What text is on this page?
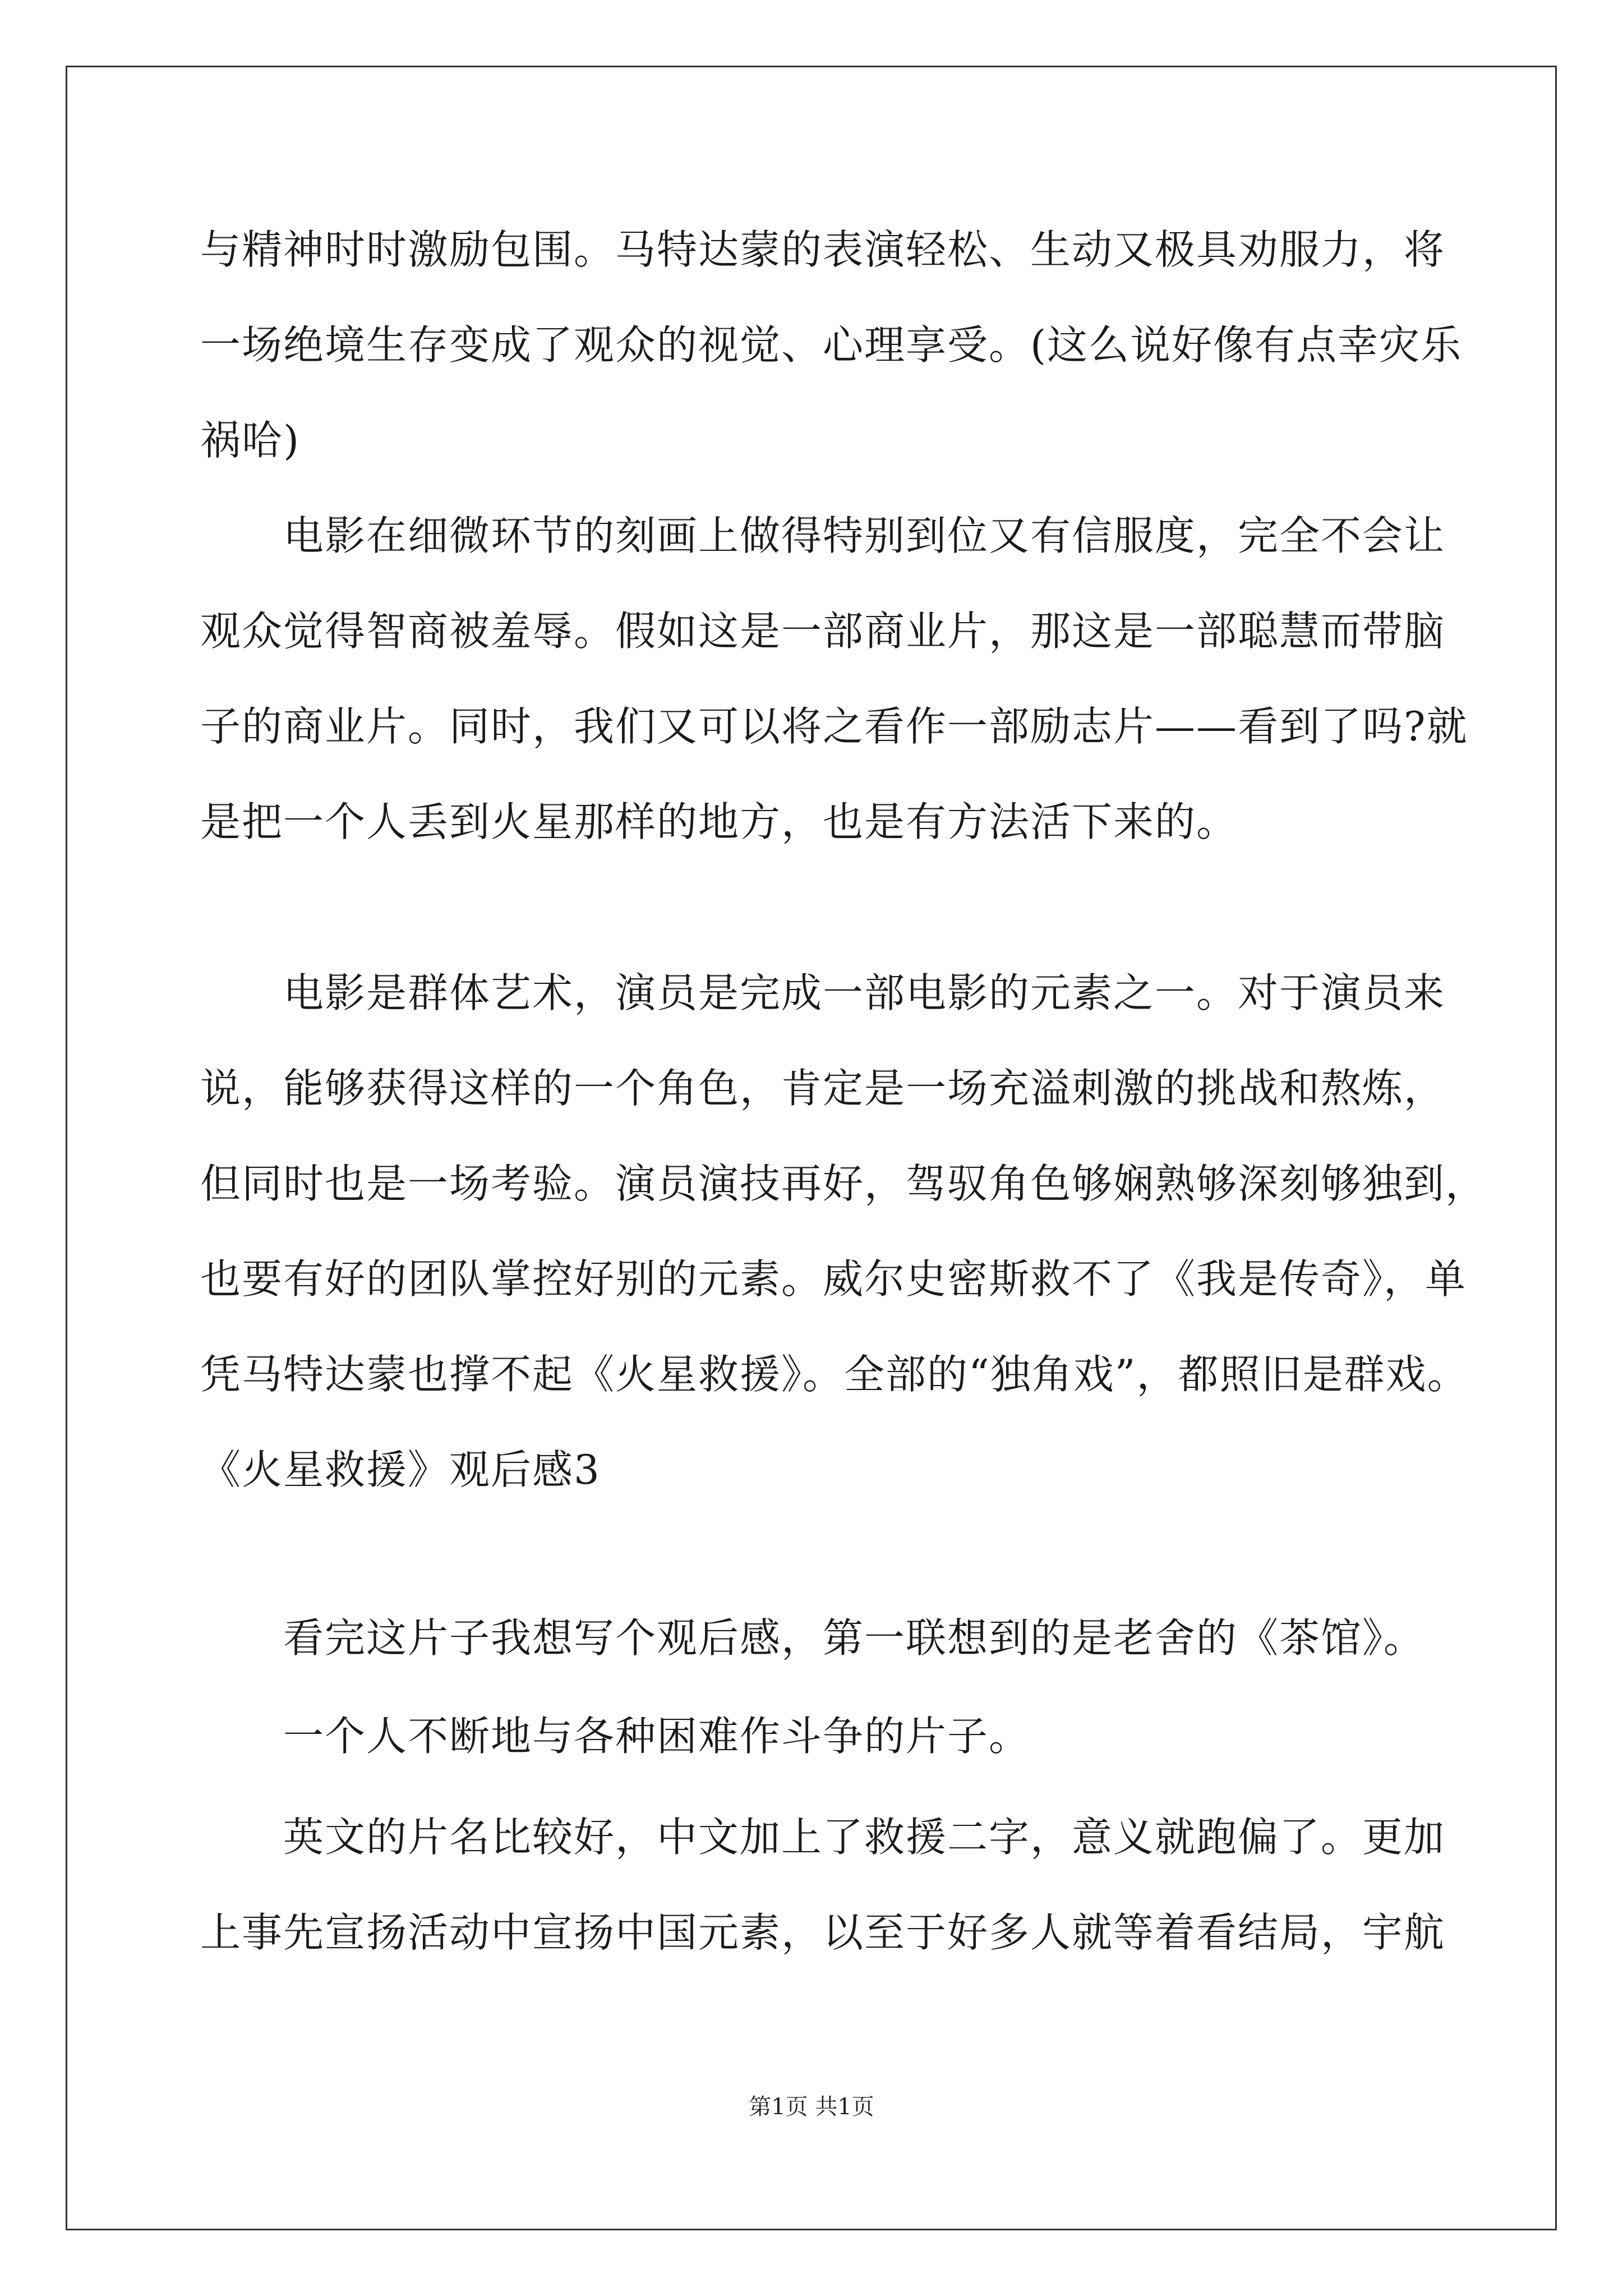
与精神时时激励包围。马特达蒙的表演轻松、生动又极具劝服力，将
一场绝境生存变成了观众的视觉、心理享受。(这么说好像有点幸灾乐
祸哈)
电影在细微环节的刻画上做得特别到位又有信服度，完全不会让
观众觉得智商被羞辱。假如这是一部商业片，那这是一部聪慧而带脑
子的商业片。同时，我们又可以将之看作一部励志片——看到了吗?就
是把一个人丢到火星那样的地方，也是有方法活下来的。
电影是群体艺术，演员是完成一部电影的元素之一。对于演员来
说，能够获得这样的一个角色，肯定是一场充溢刺激的挑战和熬炼，
但同时也是一场考验。演员演技再好，驾驭角色够娴熟够深刻够独到，
也要有好的团队掌控好别的元素。威尔史密斯救不了《我是传奇》，单
凭马特达蒙也撑不起《火星救援》。全部的“独角戏”，都照旧是群戏。
《火星救援》观后感3
看完这片子我想写个观后感，第一联想到的是老舍的《茶馆》。
一个人不断地与各种困难作斗争的片子。
英文的片名比较好，中文加上了救援二字，意义就跑偏了。更加
上事先宣扬活动中宣扬中国元素，以至于好多人就等着看结局，宇航
第1页 共1页
